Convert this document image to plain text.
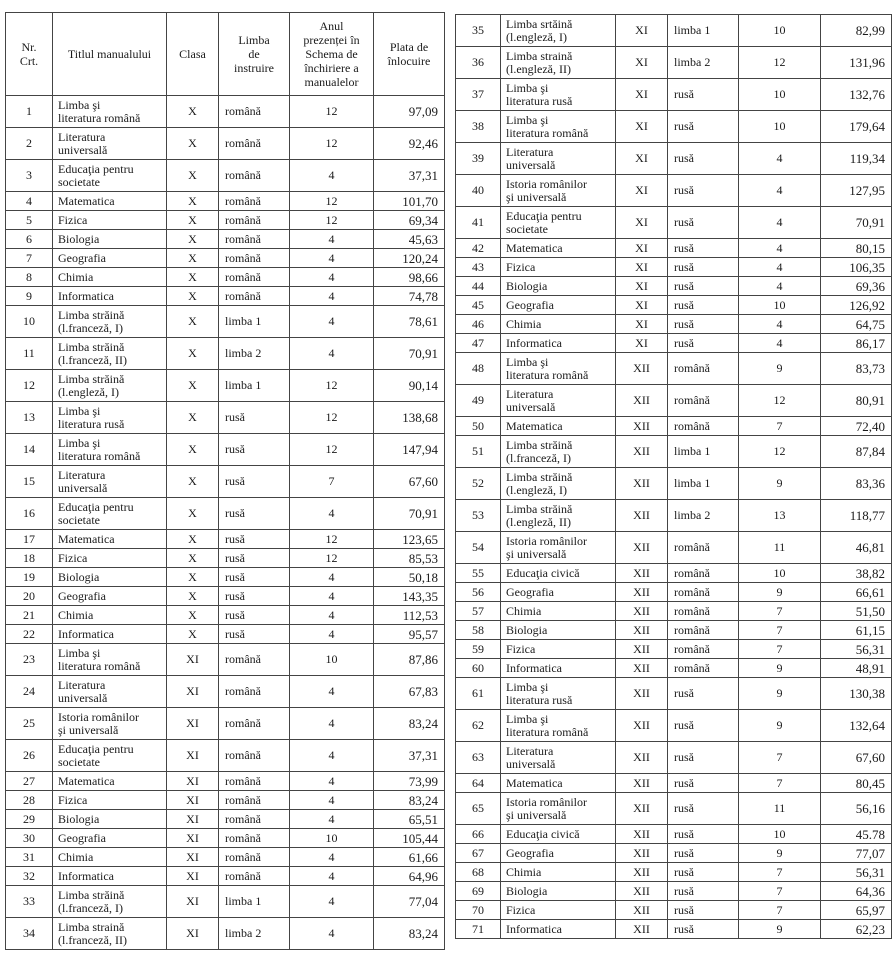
Nr.
Crt.	Titlul manualului	Clasa	Limba
de
instruire	Anul
prezenței în
Schema de
închiriere a
manualelor	Plata de
înlocuire
1	Limba şi
literatura română	X	română	12	97,09
2	Literatura
universală	X	română	12	92,46
3	Educaţia pentru
societate	X	română	4	37,31
4	Matematica	X	română	12	101,70
5	Fizica	X	română	12	69,34
6	Biologia	X	română	4	45,63
7	Geografia	X	română	4	120,24
8	Chimia	X	română	4	98,66
9	Informatica	X	română	4	74,78
10	Limba străină
(l.franceză, I)	X	limba 1	4	78,61
11	Limba străină
(l.franceză, II)	X	limba 2	4	70,91
12	Limba străină
(l.engleză, I)	X	limba 1	12	90,14
13	Limba şi
literatura rusă	X	rusă	12	138,68
14	Limba şi
literatura română	X	rusă	12	147,94
15	Literatura
universală	X	rusă	7	67,60
16	Educaţia pentru
societate	X	rusă	4	70,91
17	Matematica	X	rusă	12	123,65
18	Fizica	X	rusă	12	85,53
19	Biologia	X	rusă	4	50,18
20	Geografia	X	rusă	4	143,35
21	Chimia	X	rusă	4	112,53
22	Informatica	X	rusă	4	95,57
23	Limba şi
literatura română	XI	română	10	87,86
24	Literatura
universală	XI	română	4	67,83
25	Istoria românilor
şi universală	XI	română	4	83,24
26	Educaţia pentru
societate	XI	română	4	37,31
27	Matematica	XI	română	4	73,99
28	Fizica	XI	română	4	83,24
29	Biologia	XI	română	4	65,51
30	Geografia	XI	română	10	105,44
31	Chimia	XI	română	4	61,66
32	Informatica	XI	română	4	64,96
33	Limba străină
(l.franceză, I)	XI	limba 1	4	77,04
34	Limba straină
(l.franceză, II)	XI	limba 2	4	83,24
35	Limba srtăină
(l.engleză, I)	XI	limba 1	10	82,99
36	Limba straină
(l.engleză, II)	XI	limba 2	12	131,96
37	Limba şi
literatura rusă	XI	rusă	10	132,76
38	Limba şi
literatura română	XI	rusă	10	179,64
39	Literatura
universală	XI	rusă	4	119,34
40	Istoria românilor
şi universală	XI	rusă	4	127,95
41	Educaţia pentru
societate	XI	rusă	4	70,91
42	Matematica	XI	rusă	4	80,15
43	Fizica	XI	rusă	4	106,35
44	Biologia	XI	rusă	4	69,36
45	Geografia	XI	rusă	10	126,92
46	Chimia	XI	rusă	4	64,75
47	Informatica	XI	rusă	4	86,17
48	Limba şi
literatura română	XII	română	9	83,73
49	Literatura
universală	XII	română	12	80,91
50	Matematica	XII	română	7	72,40
51	Limba străină
(l.franceză, I)	XII	limba 1	12	87,84
52	Limba străină
(l.engleză, I)	XII	limba 1	9	83,36
53	Limba străină
(l.engleză, II)	XII	limba 2	13	118,77
54	Istoria românilor
şi universală	XII	română	11	46,81
55	Educaţia civică	XII	română	10	38,82
56	Geografia	XII	română	9	66,61
57	Chimia	XII	română	7	51,50
58	Biologia	XII	română	7	61,15
59	Fizica	XII	română	7	56,31
60	Informatica	XII	română	9	48,91
61	Limba şi
literatura rusă	XII	rusă	9	130,38
62	Limba şi
literatura română	XII	rusă	9	132,64
63	Literatura
universală	XII	rusă	7	67,60
64	Matematica	XII	rusă	7	80,45
65	Istoria românilor
şi universală	XII	rusă	11	56,16
66	Educaţia civică	XII	rusă	10	45.78
67	Geografia	XII	rusă	9	77,07
68	Chimia	XII	rusă	7	56,31
69	Biologia	XII	rusă	7	64,36
70	Fizica	XII	rusă	7	65,97
71	Informatica	XII	rusă	9	62,23
